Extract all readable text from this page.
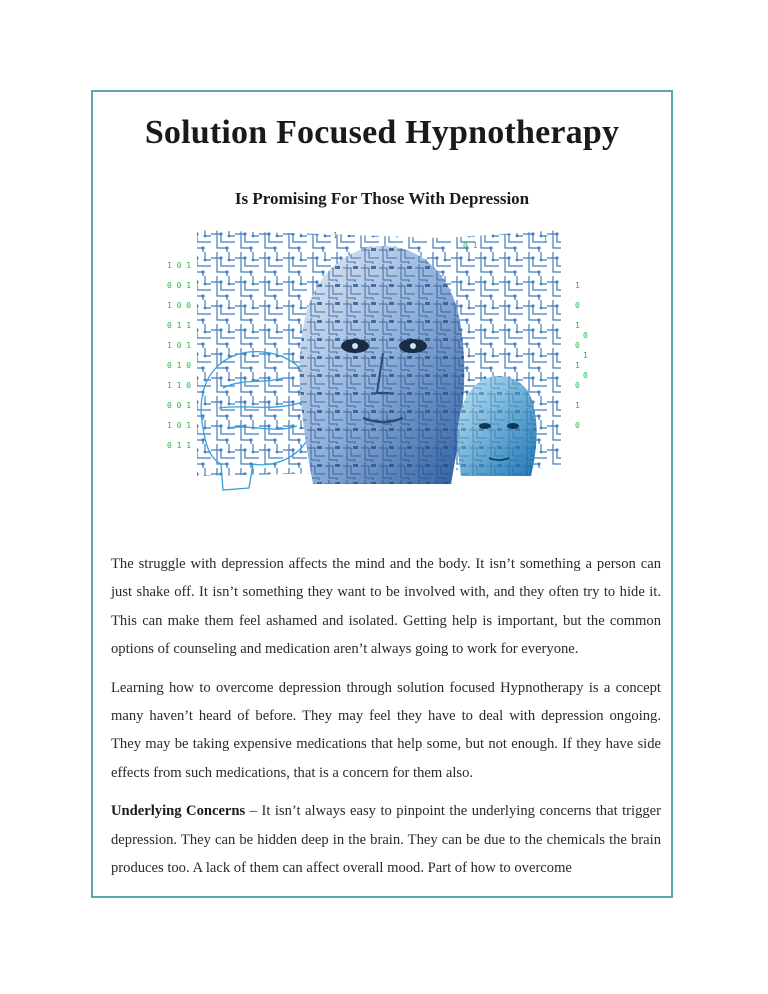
Solution Focused Hypnotherapy
Is Promising For Those With Depression
1 0 1
0 0 1
1 0 0
0 1 1
1 0 1
0 1 0
1 1 0
0 0 1
1 0 1
0 1 1
1
0
1
0
0
1
1
0
0
1
0
1
0 1
1

The struggle with depression affects the mind and the body. It isn’t something a person can just shake off. It isn’t something they want to be involved with, and they often try to hide it. This can make them feel ashamed and isolated. Getting help is important, but the common options of counseling and medication aren’t always going to work for everyone.

Learning how to overcome depression through solution focused Hypnotherapy is a concept many haven’t heard of before. They may feel they have to deal with depression ongoing. They may be taking expensive medications that help some, but not enough. If they have side effects from such medications, that is a concern for them also.

Underlying Concerns – It isn’t always easy to pinpoint the underlying concerns that trigger depression. They can be hidden deep in the brain. They can be due to the chemicals the brain produces too. A lack of them can affect overall mood. Part of how to overcome
